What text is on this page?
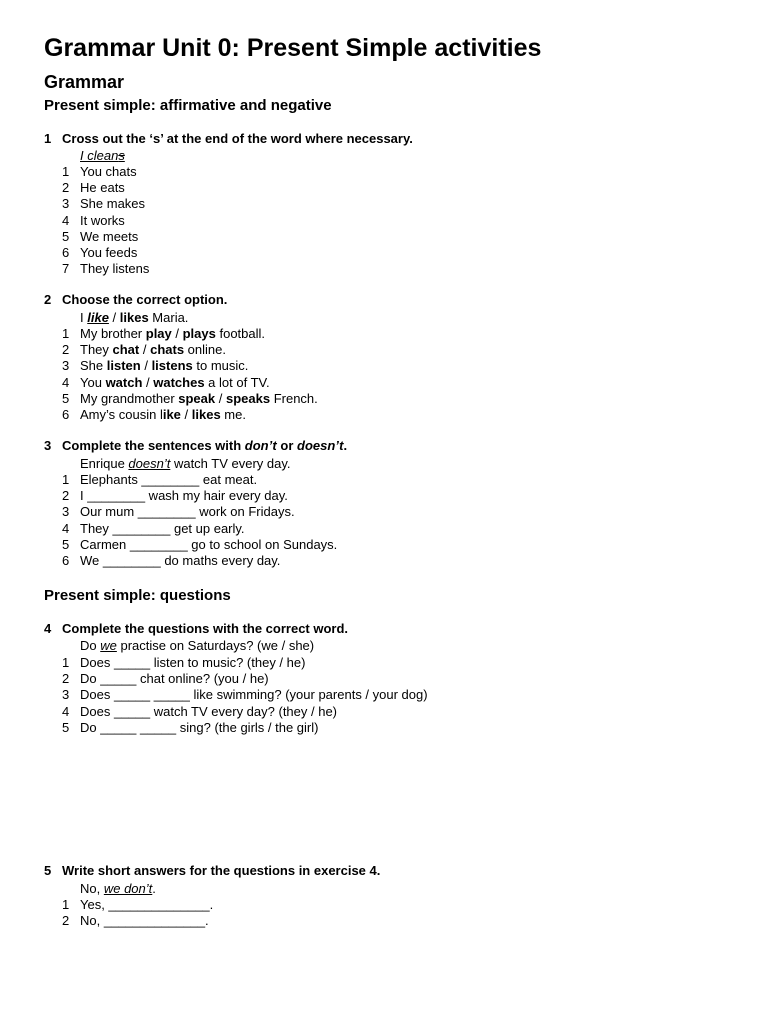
Grammar Unit 0: Present Simple activities
Grammar
Present simple: affirmative and negative
1 Cross out the ‘s’ at the end of the word where necessary.
I cleans
1 You chats
2 He eats
3 She makes
4 It works
5 We meets
6 You feeds
7 They listens
2 Choose the correct option.
I like / likes Maria.
1 My brother play / plays football.
2 They chat / chats online.
3 She listen / listens to music.
4 You watch / watches a lot of TV.
5 My grandmother speak / speaks French.
6 Amy’s cousin like / likes me.
3 Complete the sentences with don’t or doesn’t.
Enrique doesn’t watch TV every day.
1 Elephants ________ eat meat.
2 I ________ wash my hair every day.
3 Our mum ________ work on Fridays.
4 They ________ get up early.
5 Carmen ________ go to school on Sundays.
6 We ________ do maths every day.
Present simple: questions
4 Complete the questions with the correct word.
Do we practise on Saturdays? (we / she)
1 Does _____ listen to music? (they / he)
2 Do _____ chat online? (you / he)
3 Does _____ _____ like swimming? (your parents / your dog)
4 Does _____ watch TV every day? (they / he)
5 Do _____ _____ sing? (the girls / the girl)
5 Write short answers for the questions in exercise 4.
No, we don’t.
1 Yes, ______________.
2 No, ______________.
